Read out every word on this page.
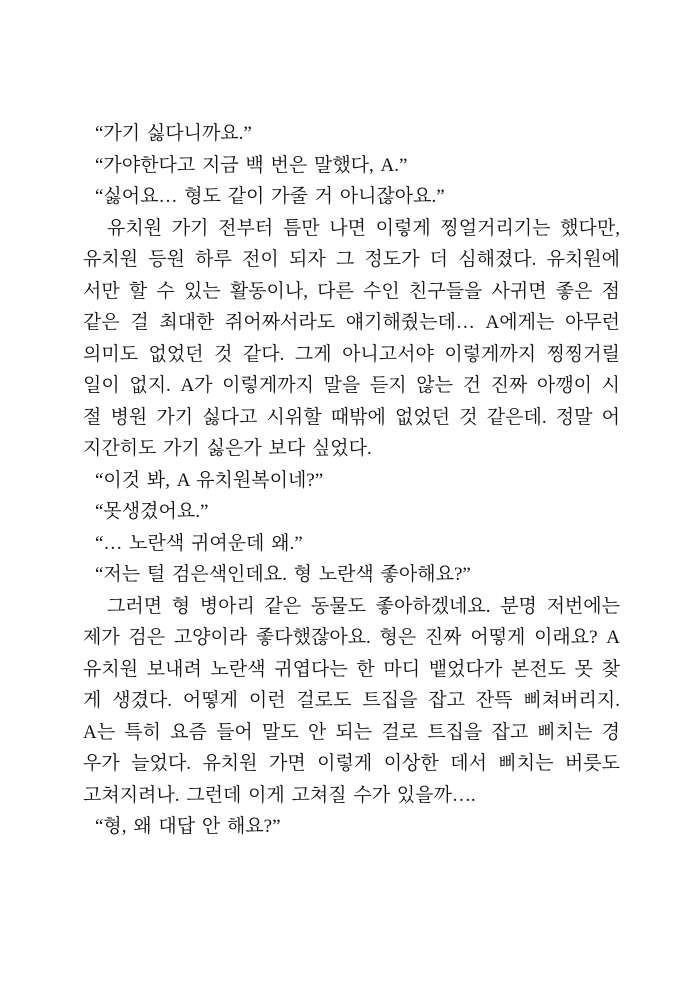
“가기 싫다니까요.”
“가야한다고 지금 백 번은 말했다, A.”
“싫어요… 형도 같이 가줄 거 아니잖아요.”
유치원 가기 전부터 틈만 나면 이렇게 찡얼거리기는 했다만,
유치원 등원 하루 전이 되자 그 정도가 더 심해졌다. 유치원에
서만 할 수 있는 활동이나, 다른 수인 친구들을 사귀면 좋은 점
같은 걸 최대한 쥐어짜서라도 얘기해줬는데… A에게는 아무런
의미도 없었던 것 같다. 그게 아니고서야 이렇게까지 찡찡거릴
일이 없지. A가 이렇게까지 말을 듣지 않는 건 진짜 아깽이 시
절 병원 가기 싫다고 시위할 때밖에 없었던 것 같은데. 정말 어
지간히도 가기 싫은가 보다 싶었다.
“이것 봐, A 유치원복이네?”
“못생겼어요.”
“… 노란색 귀여운데 왜.”
“저는 털 검은색인데요. 형 노란색 좋아해요?”
그러면 형 병아리 같은 동물도 좋아하겠네요. 분명 저번에는
제가 검은 고양이라 좋다했잖아요. 형은 진짜 어떻게 이래요? A
유치원 보내려 노란색 귀엽다는 한 마디 뱉었다가 본전도 못 찾
게 생겼다. 어떻게 이런 걸로도 트집을 잡고 잔뜩 삐쳐버리지.
A는 특히 요즘 들어 말도 안 되는 걸로 트집을 잡고 삐치는 경
우가 늘었다. 유치원 가면 이렇게 이상한 데서 삐치는 버릇도
고쳐지려나. 그런데 이게 고쳐질 수가 있을까….
“형, 왜 대답 안 해요?”
